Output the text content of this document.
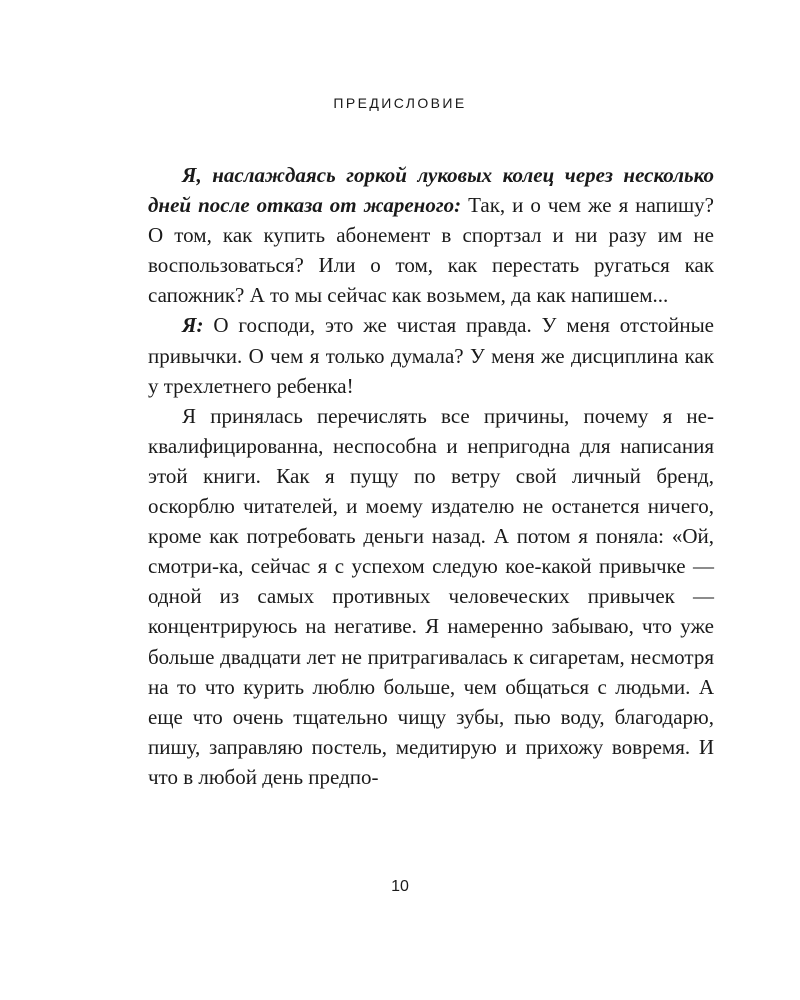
ПРЕДИСЛОВИЕ

Я, наслаждаясь горкой луковых колец через несколько дней после отказа от жареного: Так, и о чем же я напишу? О том, как купить абонемент в спортзал и ни разу им не воспользоваться? Или о том, как перестать ругаться как сапожник? А то мы сейчас как возьмем, да как напишем...

Я: О господи, это же чистая правда. У меня отстойные привычки. О чем я только думала? У меня же дисциплина как у трехлетнего ребенка!

Я принялась перечислять все причины, почему я неквалифицированна, неспособна и непригодна для написания этой книги. Как я пущу по ветру свой личный бренд, оскорблю читателей, и моему издателю не останется ничего, кроме как потребовать деньги назад. А потом я поняла: «Ой, смотри-ка, сейчас я с успехом следую кое-какой привычке — одной из самых противных человеческих привычек — концентрируюсь на негативе. Я намеренно забываю, что уже больше двадцати лет не притрагивалась к сигаретам, несмотря на то что курить люблю больше, чем общаться с людьми. А еще что очень тщательно чищу зубы, пью воду, благодарю, пишу, заправляю постель, медитирую и прихожу вовремя. И что в любой день предпо-

10
